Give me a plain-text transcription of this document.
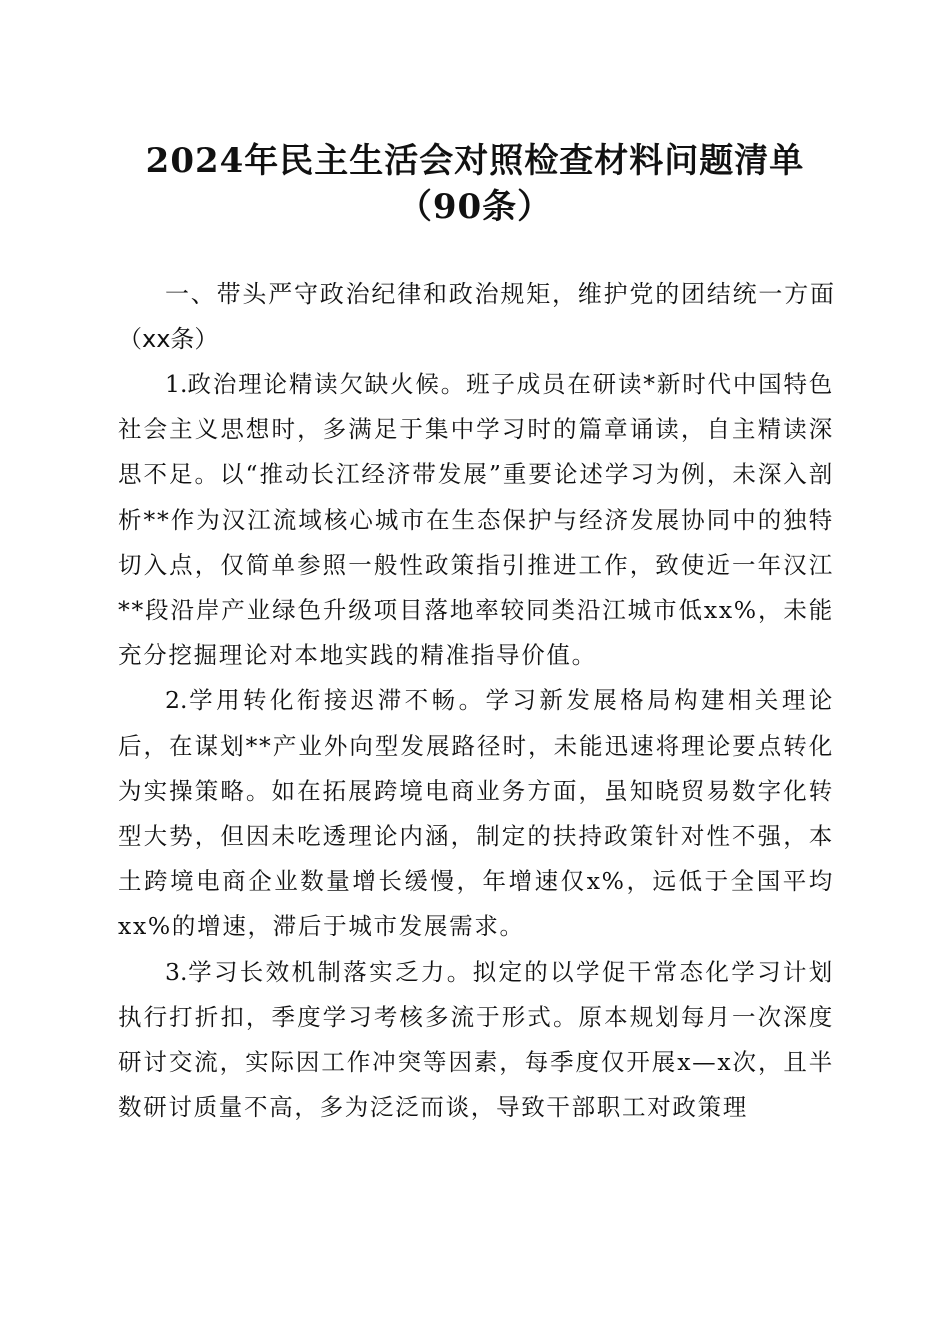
2024年民主生活会对照检查材料问题清单
（90条）

一、带头严守政治纪律和政治规矩，维护党的团结统一方面（xx条）

1.政治理论精读欠缺火候。班子成员在研读*新时代中国特色社会主义思想时，多满足于集中学习时的篇章诵读，自主精读深思不足。以“推动长江经济带发展”重要论述学习为例，未深入剖析**作为汉江流域核心城市在生态保护与经济发展协同中的独特切入点，仅简单参照一般性政策指引推进工作，致使近一年汉江**段沿岸产业绿色升级项目落地率较同类沿江城市低xx%，未能充分挖掘理论对本地实践的精准指导价值。

2.学用转化衔接迟滞不畅。学习新发展格局构建相关理论后，在谋划**产业外向型发展路径时，未能迅速将理论要点转化为实操策略。如在拓展跨境电商业务方面，虽知晓贸易数字化转型大势，但因未吃透理论内涵，制定的扶持政策针对性不强，本土跨境电商企业数量增长缓慢，年增速仅x%，远低于全国平均xx%的增速，滞后于城市发展需求。

3.学习长效机制落实乏力。拟定的以学促干常态化学习计划执行打折扣，季度学习考核多流于形式。原本规划每月一次深度研讨交流，实际因工作冲突等因素，每季度仅开展x—x次，且半数研讨质量不高，多为泛泛而谈，导致干部职工对政策理
